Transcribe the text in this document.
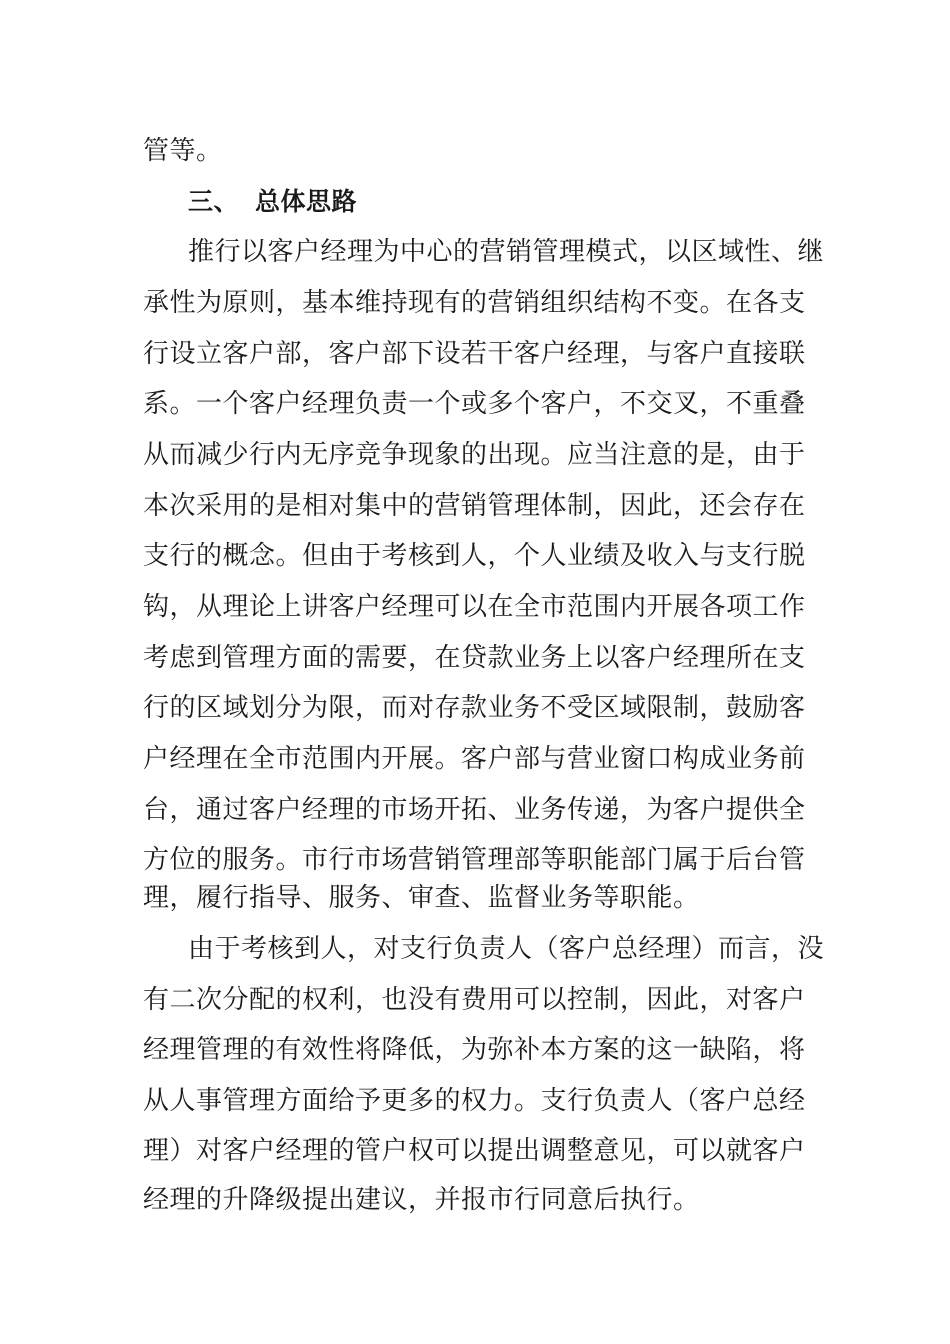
管等。
三、 总体思路
推行以客户经理为中心的营销管理模式，以区域性、继
承性为原则，基本维持现有的营销组织结构不变。在各支
行设立客户部，客户部下设若干客户经理，与客户直接联
系。一个客户经理负责一个或多个客户，不交叉，不重叠
从而减少行内无序竞争现象的出现。应当注意的是，由于
本次采用的是相对集中的营销管理体制，因此，还会存在
支行的概念。但由于考核到人，个人业绩及收入与支行脱
钩，从理论上讲客户经理可以在全市范围内开展各项工作
考虑到管理方面的需要，在贷款业务上以客户经理所在支
行的区域划分为限，而对存款业务不受区域限制，鼓励客
户经理在全市范围内开展。客户部与营业窗口构成业务前
台，通过客户经理的市场开拓、业务传递，为客户提供全
方位的服务。市行市场营销管理部等职能部门属于后台管
理，履行指导、服务、审查、监督业务等职能。
由于考核到人，对支行负责人（客户总经理）而言，没
有二次分配的权利，也没有费用可以控制，因此，对客户
经理管理的有效性将降低，为弥补本方案的这一缺陷，将
从人事管理方面给予更多的权力。支行负责人（客户总经
理）对客户经理的管户权可以提出调整意见，可以就客户
经理的升降级提出建议，并报市行同意后执行。
